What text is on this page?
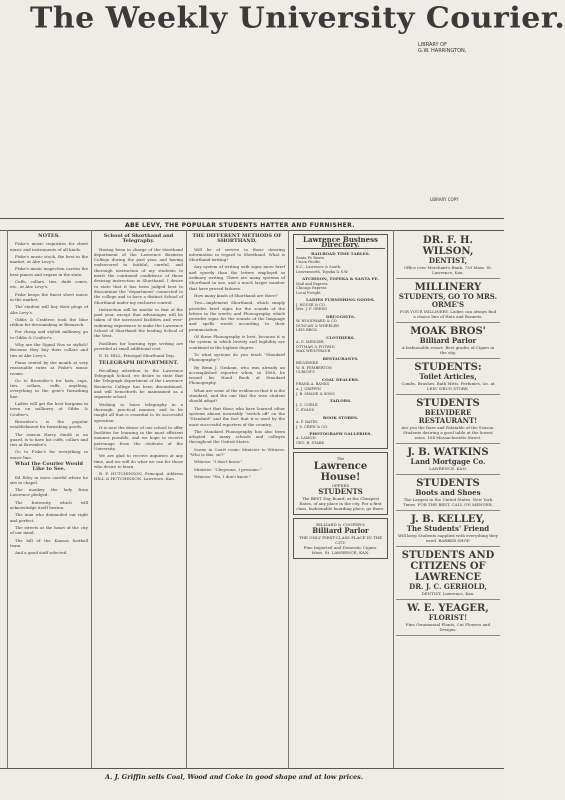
The Weekly University Courier.
LIBRARY OF
G.W. HARRINGTON,
LIBRARY COPY
ABE LEVY, THE POPULAR STUDENTS HATTER AND FURNISHER.
NOTES.

Fiske's music requisites for sheet music and instruments of all kinds.

Fiske's music stock, the best in the market, at Abe Levy's.

Fiske's music inspection carries the best pianos and organs in the state.

Cuffs, collars, ties, dude canes, etc., at Abe Levy's.

Fiske keeps the finest sheet music in the market.

The student will buy their plugs of Abe Levy's.

Gibbs & Crabtree took the blue ribbon for dressmaking at Bismarck.

For cheap and stylish millinery, go to Gibbs & Coulter's.

Why are the Signal Nus so stylish? Because they buy their collars and ties at Abe Levy's.

Piano rented by the month at very reasonable rates at Fiske's music rooms.

Go to Brownlee's for hats, caps, ties, collars, cuffs, anything, everything in the gent's furnishing line.

Ladies will get the best bargains in town on millinery at Gibbs & Coulter's.

Brownlee's is the popular establishment for furnishing goods.

The season Harry Smith is on guard, is to have his cuffs, collars and ties at Brownlee's.

Go to Fiske's for everything in music line.

What the Courier Would Like to See.

Ed Riley in more careful where he sits in chapel.

The monkey the lady from Lawrence pledged.

The fraternity which will acknowledge itself beaten.

The man who demanded our right and perfect.

The streets at the heart of the city of our mind.

The bill of the Kansas football team.

And a good staff selected.

School of Shorthand and Telegraphy.

Having been in charge of the shorthand department of the Lawrence Business College during the past year, and having endeavored to faithful, careful, and thorough instruction of my students to merit the continued confidence of those desiring instruction in Shorthand, I desire to state that it has been judged best to discontinue the "department" connected to the college and to have a distinct School of Shorthand under my exclusive control.

Instruction will be similar to that of the past year, except that advantages will be taken of the increased facilities and ever-widening experience to make the Lawrence School of Shorthand the leading School of the West.

Facilities for learning type writing are provided at small additional cost.

E. H. HILL, Principal Shorthand Dep.

TELEGRAPH DEPARTMENT.

Recalling attention to the Lawrence Telegraph School, we desire to state that the Telegraph department of the Lawrence Business College has been discontinued, and will henceforth be maintained as a separate school.

Wishing to learn telegraphy in a thorough, practical manner, and to be taught all that is essential to its successful operation.

It is now the desire of our school to offer facilities for learning in the most efficient manner possible, and we hope to receive patronage from the students of the University.

We are glad to receive inquiries at any time, and we will do what we can for those who desire to learn.

B. F. HUTCHINSON, Principal. Address HILL & HUTCHINSON, Lawrence, Kan.

THE DIFFERENT METHODS OF SHORTHAND.

Will be of service to those desiring information in regard to Shorthand. What is Shorthand writing?

Any system of writing with signs more brief and speedy than the letters employed in ordinary writing. There are many systems of Shorthand in use, and a much larger number that have proved failures.

How many kinds of Shorthand are there?

Two—implement Shorthand, which simply provides brief signs for the sounds of the letters in the words; and Phonography, which provides signs for the sounds of the language and spells words according to their pronunciation.

Of these Phonography is best, because it is the system in which brevity and legibility are combined in the highest degree.

To what systems do you teach "Standard Phonography"?

By Benn J. Graham, who was already an accomplished reporter when, in 1858, he issued his Hand Book of Standard Phonography.

What are some of the evidences that it is the standard, and the one that the wise student should adopt?

The fact that those who have learned other systems almost invariably "switch off" on the "Standard" and the fact that it is used by the most successful reporters of the country.

The Standard Phonography has also been adopted in many schools and colleges throughout the United States.

Scene in Court room: Minister to Witness: "Who is this, sir?"

Witness: "I don't know."

Minister: "Cheyenne, I presume."

Witness: "No, I don't know."

Lawrence Business Directory.
RAILROAD TIME TABLES.
Santa Fe Route.
Union Pacific.
K.C., Lawrence & South.
Leavenworth, Topeka & S.W.
ATCHISON, TOPEKA & SANTA FE.
Mail and Express
Chicago Express
Local Freight
LADIES FURNISHING GOODS.
J. HOUSE & CO.
Mrs. J. F. GREEN
DRUGGISTS.
W. WOODWARD & CO.
DUNCAN & WHEELER
LEIS BROS.
CLOTHIERS.
A. G. MENGER
OTTMAN & POTWIN
MAX WEINTRAUB
RESTAURANTS.
BELVIDERE
W. H. PEMBERTON
ULRICH'S
COAL DEALERS.
FRANK A. BANKS
A. J. GRIFFIN
J. B. SHANE & SONS
TAILORS.
J. C. COBLE
C. EVANS
BOOK STORES.
A. F. BATES
J. S. CREW & CO.
PHOTOGRAPH GALLERIES.
A. LAMON
GEO. B. STARK
The
Lawrence House!
OFFERS
STUDENTS
The BEST Day Board, at the Cheapest Rates, of any place in the city. For a first class, fashionable boarding place, go there.
BILLIARD & COOPER'S
Billiard Parlor
THE ONLY FIRST-CLASS PLACE IN THE CITY.
Fine Imported and Domestic Cigars.
Mass. St. LAWRENCE, KAN.
DR. F. H. WILSON,
DENTIST,
Office over Merchant's Bank, 739 Mass. St. Lawrence, Kan.
MILLINERY
STUDENTS, GO TO MRS. ORME'S
FOR YOUR MILLINERY. Ladies can always find a choice line of Hats and Bonnets.
MOAK BROS'
Billiard Parlor
A fashionable resort. Best grades of Cigars in the city.
STUDENTS:
Toilet Articles,
Combs, Brushes, Bath Mitts, Perfumes, &c. at LEIS' DRUG STORE.
STUDENTS
BELVIDERE RESTAURANT!
Are you the Rare and Palatable of the Season. Students desiring a good table at the lowest rates. 164 Massachusetts Street.
J. B. WATKINS
Land Mortgage Co.
LAWRENCE, KAN.
STUDENTS
Boots and Shoes
The Largest in the United States. New York Times. FOR THE BEST, CALL ON MENGER.
J. B. KELLEY,
The Students' Friend
Will keep Students supplied with everything they need. BARBER SHOP.
STUDENTS AND CITIZENS OF LAWRENCE
DR. J. C. GERHOLD,
DENTIST, Lawrence, Kan.
W. E. YEAGER,
FLORIST!
Fine Ornamental Plants, Cut Flowers and Designs.
A. J. Griffin sells Coal, Wood and Coke in good shape and at low prices.
